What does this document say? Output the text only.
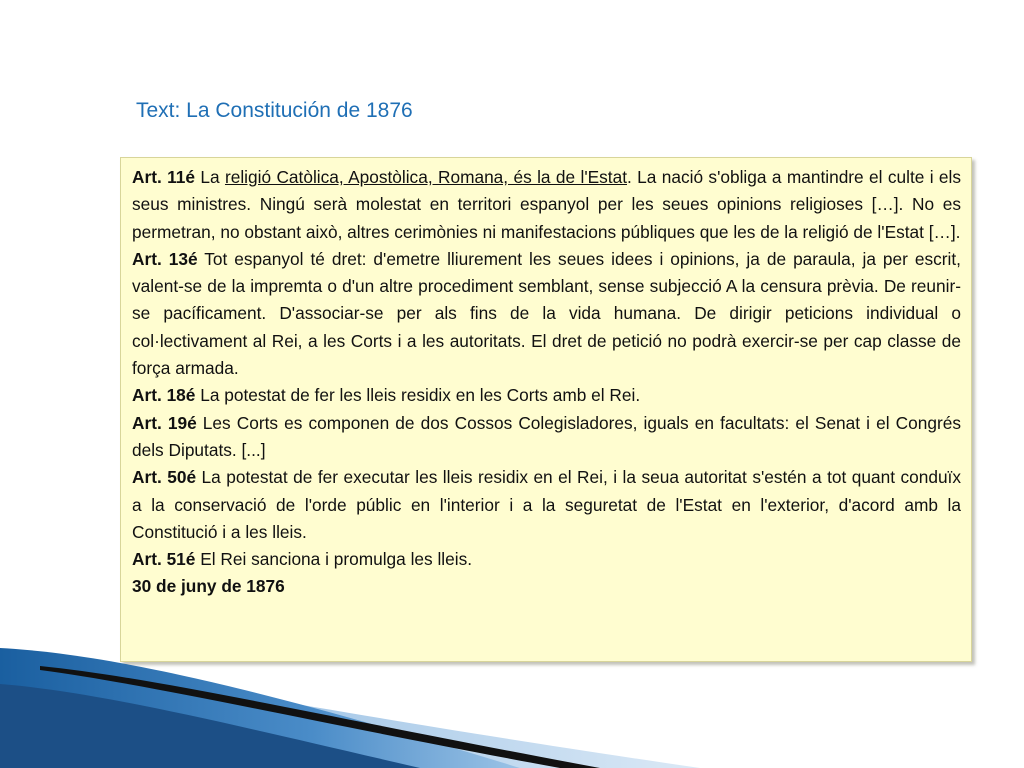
Text: La Constitución de 1876

Art. 11é La religió Catòlica, Apostòlica, Romana, és la de l'Estat. La nació s'obliga a mantindre el culte i els seus ministres. Ningú serà molestat en territori espanyol per les seues opinions religioses […]. No es permetran, no obstant això, altres cerimònies ni manifestacions públiques que les de la religió de l'Estat […].

Art. 13é Tot espanyol té dret: d'emetre lliurement les seues idees i opinions, ja de paraula, ja per escrit, valent-se de la impremta o d'un altre procediment semblant, sense subjecció A la censura prèvia. De reunir-se pacíficament. D'associar-se per als fins de la vida humana. De dirigir peticions individual o col·lectivament al Rei, a les Corts i a les autoritats. El dret de petició no podrà exercir-se per cap classe de força armada.

Art. 18é La potestat de fer les lleis residix en les Corts amb el Rei.

Art. 19é Les Corts es componen de dos Cossos Colegisladores, iguals en facultats: el Senat i el Congrés dels Diputats. [...]

Art. 50é La potestat de fer executar les lleis residix en el Rei, i la seua autoritat s'estén a tot quant conduïx a la conservació de l'orde públic en l'interior i a la seguretat de l'Estat en l'exterior, d'acord amb la Constitució i a les lleis.

Art. 51é El Rei sanciona i promulga les lleis.

30 de juny de 1876
